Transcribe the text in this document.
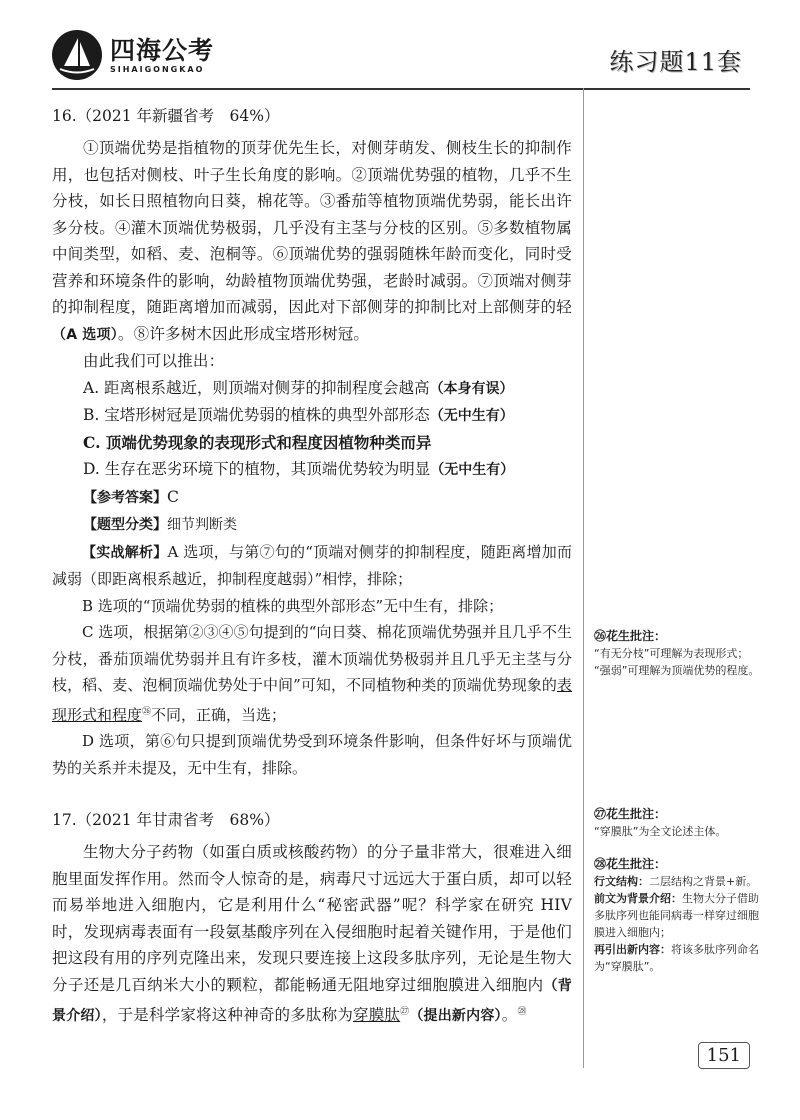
四海公考
SIHAIGONGKAO	练习题11套
16.（2021 年新疆省考　64%）

①顶端优势是指植物的顶芽优先生长，对侧芽萌发、侧枝生长的抑制作用，也包括对侧枝、叶子生长角度的影响。②顶端优势强的植物，几乎不生分枝，如长日照植物向日葵，棉花等。③番茄等植物顶端优势弱，能长出许多分枝。④灌木顶端优势极弱，几乎没有主茎与分枝的区别。⑤多数植物属中间类型，如稻、麦、泡桐等。⑥顶端优势的强弱随株年龄而变化，同时受营养和环境条件的影响，幼龄植物顶端优势强，老龄时减弱。⑦顶端对侧芽的抑制程度，随距离增加而减弱，因此对下部侧芽的抑制比对上部侧芽的轻（A 选项）。⑧许多树木因此形成宝塔形树冠。

由此我们可以推出：

A. 距离根系越近，则顶端对侧芽的抑制程度会越高（本身有误）

B. 宝塔形树冠是顶端优势弱的植株的典型外部形态（无中生有）

C. 顶端优势现象的表现形式和程度因植物种类而异

D. 生存在恶劣环境下的植物，其顶端优势较为明显（无中生有）

【参考答案】C

【题型分类】细节判断类

【实战解析】A 选项，与第⑦句的“顶端对侧芽的抑制程度，随距离增加而减弱（即距离根系越近，抑制程度越弱）”相悖，排除；

B 选项的“顶端优势弱的植株的典型外部形态”无中生有，排除；

C 选项，根据第②③④⑤句提到的“向日葵、棉花顶端优势强并且几乎不生分枝，番茄顶端优势弱并且有许多枝，灌木顶端优势极弱并且几乎无主茎与分枝，稻、麦、泡桐顶端优势处于中间”可知，不同植物种类的顶端优势现象的表现形式和程度$^㉖$不同，正确，当选；

D 选项，第⑥句只提到顶端优势受到环境条件影响，但条件好坏与顶端优势的关系并未提及，无中生有，排除。

17.（2021 年甘肃省考　68%）

生物大分子药物（如蛋白质或核酸药物）的分子量非常大，很难进入细胞里面发挥作用。然而令人惊奇的是，病毒尺寸远远大于蛋白质，却可以轻而易举地进入细胞内，它是利用什么“秘密武器”呢？科学家在研究 HIV 时，发现病毒表面有一段氨基酸序列在入侵细胞时起着关键作用，于是他们把这段有用的序列克隆出来，发现只要连接上这段多肽序列，无论是生物大分子还是几百纳米大小的颗粒，都能畅通无阻地穿过细胞膜进入细胞内（背景介绍），于是科学家将这种神奇的多肽称为穿膜肽$^㉗$（提出新内容）。$^㉘$

㉖花生批注：

“有无分枝”可理解为表现形式；

“强弱”可理解为顶端优势的程度。

㉗花生批注：

“穿膜肽”为全文论述主体。

㉘花生批注：

行文结构：二层结构之背景+新。

前文为背景介绍：生物大分子借助多肽序列也能同病毒一样穿过细胞膜进入细胞内；

再引出新内容：将该多肽序列命名为“穿膜肽”。

151
